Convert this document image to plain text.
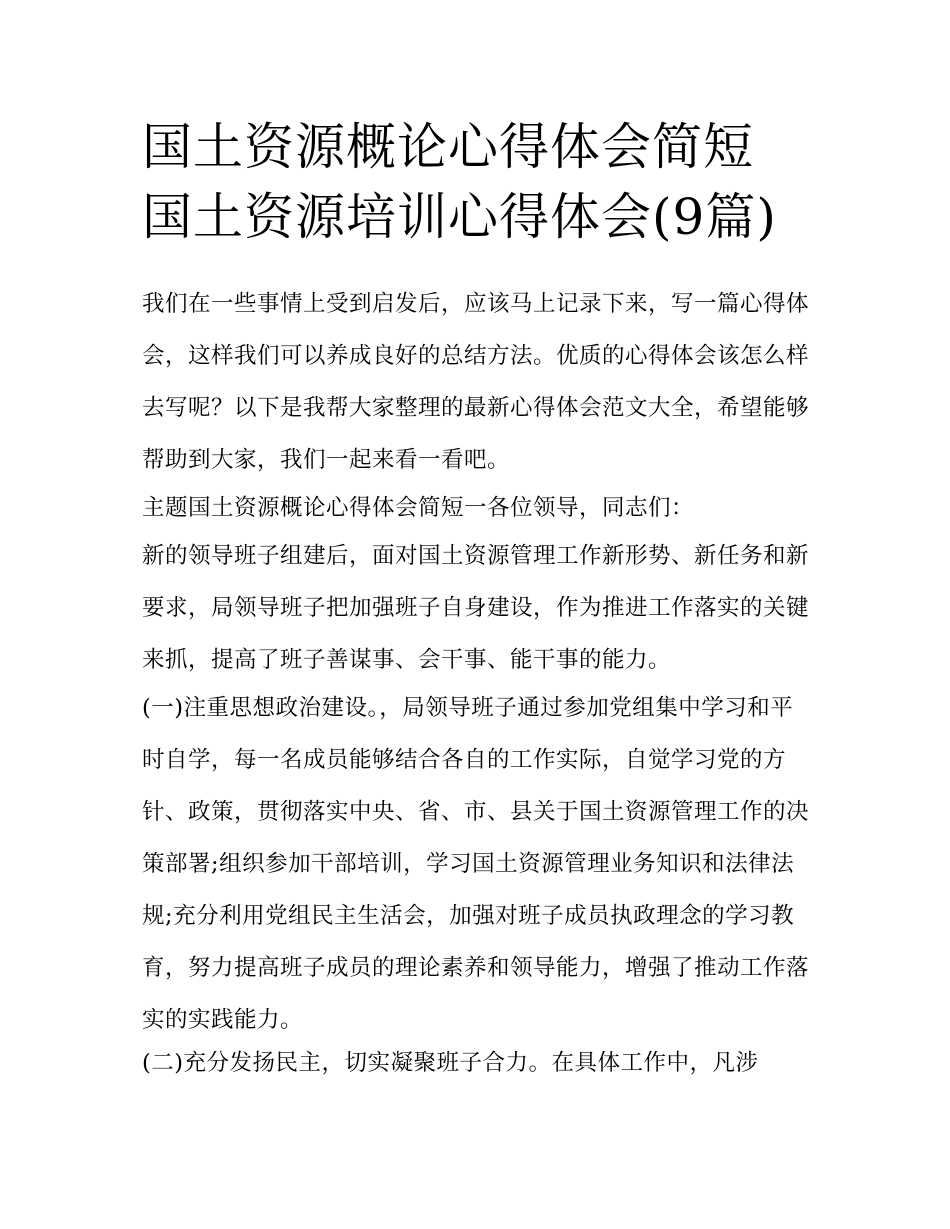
国土资源概论心得体会简短 国土资源培训心得体会(9篇)

我们在一些事情上受到启发后，应该马上记录下来，写一篇心得体会，这样我们可以养成良好的总结方法。优质的心得体会该怎么样去写呢？以下是我帮大家整理的最新心得体会范文大全，希望能够帮助到大家，我们一起来看一看吧。

主题国土资源概论心得体会简短一各位领导，同志们：

新的领导班子组建后，面对国土资源管理工作新形势、新任务和新要求，局领导班子把加强班子自身建设，作为推进工作落实的关键来抓，提高了班子善谋事、会干事、能干事的能力。

(一)注重思想政治建设。，局领导班子通过参加党组集中学习和平时自学，每一名成员能够结合各自的工作实际，自觉学习党的方针、政策，贯彻落实中央、省、市、县关于国土资源管理工作的决策部署;组织参加干部培训，学习国土资源管理业务知识和法律法规;充分利用党组民主生活会，加强对班子成员执政理念的学习教育，努力提高班子成员的理论素养和领导能力，增强了推动工作落实的实践能力。

(二)充分发扬民主，切实凝聚班子合力。在具体工作中，凡涉
